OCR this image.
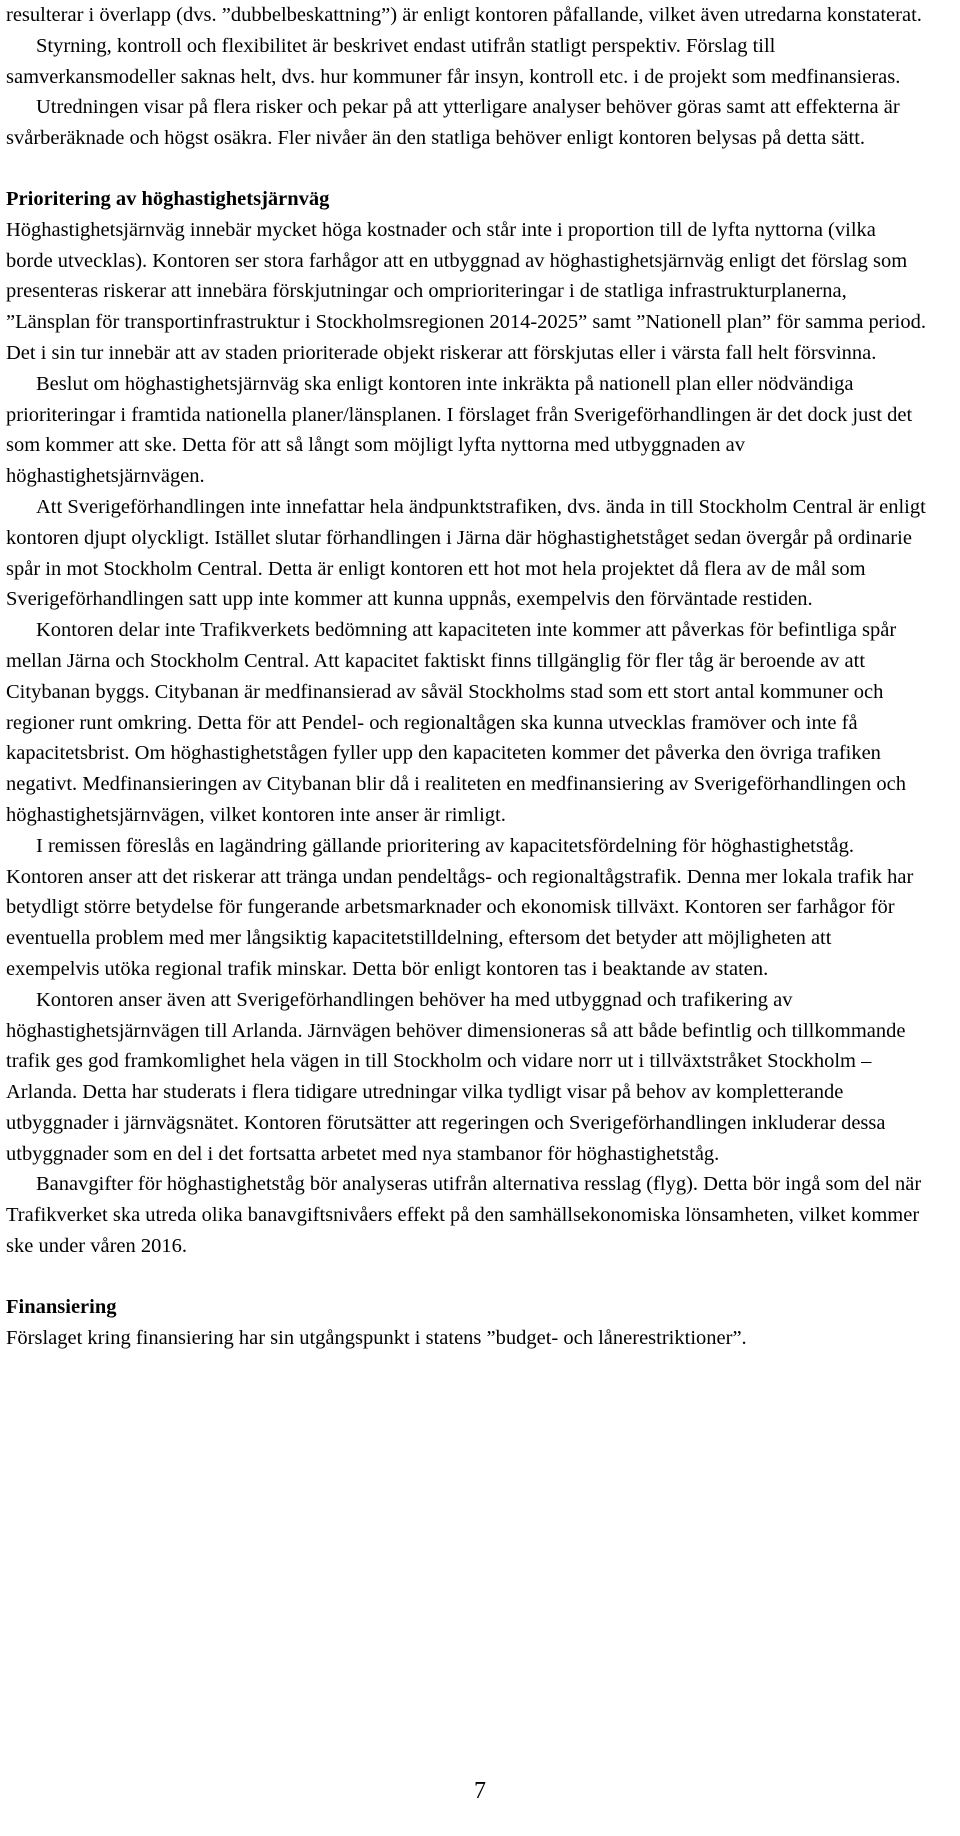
resulterar i överlapp (dvs. ”dubbelbeskattning”) är enligt kontoren påfallande, vilket även utredarna konstaterat.

Styrning, kontroll och flexibilitet är beskrivet endast utifrån statligt perspektiv. Förslag till samverkansmodeller saknas helt, dvs. hur kommuner får insyn, kontroll etc. i de projekt som medfinansieras.

Utredningen visar på flera risker och pekar på att ytterligare analyser behöver göras samt att effekterna är svårberäknade och högst osäkra. Fler nivåer än den statliga behöver enligt kontoren belysas på detta sätt.

Prioritering av höghastighetsjärnväg

Höghastighetsjärnväg innebär mycket höga kostnader och står inte i proportion till de lyfta nyttorna (vilka borde utvecklas). Kontoren ser stora farhågor att en utbyggnad av höghastighetsjärnväg enligt det förslag som presenteras riskerar att innebära förskjutningar och omprioriteringar i de statliga infrastrukturplanerna, ”Länsplan för transportinfrastruktur i Stockholmsregionen 2014-2025” samt ”Nationell plan” för samma period. Det i sin tur innebär att av staden prioriterade objekt riskerar att förskjutas eller i värsta fall helt försvinna.

Beslut om höghastighetsjärnväg ska enligt kontoren inte inkräkta på nationell plan eller nödvändiga prioriteringar i framtida nationella planer/länsplanen. I förslaget från Sverigeförhandlingen är det dock just det som kommer att ske. Detta för att så långt som möjligt lyfta nyttorna med utbyggnaden av höghastighetsjärnvägen.

Att Sverigeförhandlingen inte innefattar hela ändpunktstrafiken, dvs. ända in till Stockholm Central är enligt kontoren djupt olyckligt. Istället slutar förhandlingen i Järna där höghastighetståget sedan övergår på ordinarie spår in mot Stockholm Central. Detta är enligt kontoren ett hot mot hela projektet då flera av de mål som Sverigeförhandlingen satt upp inte kommer att kunna uppnås, exempelvis den förväntade restiden.

Kontoren delar inte Trafikverkets bedömning att kapaciteten inte kommer att påverkas för befintliga spår mellan Järna och Stockholm Central. Att kapacitet faktiskt finns tillgänglig för fler tåg är beroende av att Citybanan byggs. Citybanan är medfinansierad av såväl Stockholms stad som ett stort antal kommuner och regioner runt omkring. Detta för att Pendel- och regionaltågen ska kunna utvecklas framöver och inte få kapacitetsbrist. Om höghastighetstågen fyller upp den kapaciteten kommer det påverka den övriga trafiken negativt. Medfinansieringen av Citybanan blir då i realiteten en medfinansiering av Sverigeförhandlingen och höghastighetsjärnvägen, vilket kontoren inte anser är rimligt.

I remissen föreslås en lagändring gällande prioritering av kapacitetsfördelning för höghastighetståg. Kontoren anser att det riskerar att tränga undan pendeltågs- och regionaltågstrafik. Denna mer lokala trafik har betydligt större betydelse för fungerande arbetsmarknader och ekonomisk tillväxt. Kontoren ser farhågor för eventuella problem med mer långsiktig kapacitetstilldelning, eftersom det betyder att möjligheten att exempelvis utöka regional trafik minskar. Detta bör enligt kontoren tas i beaktande av staten.

Kontoren anser även att Sverigeförhandlingen behöver ha med utbyggnad och trafikering av höghastighetsjärnvägen till Arlanda. Järnvägen behöver dimensioneras så att både befintlig och tillkommande trafik ges god framkomlighet hela vägen in till Stockholm och vidare norr ut i tillväxtstråket Stockholm – Arlanda. Detta har studerats i flera tidigare utredningar vilka tydligt visar på behov av kompletterande utbyggnader i järnvägsnätet. Kontoren förutsätter att regeringen och Sverigeförhandlingen inkluderar dessa utbyggnader som en del i det fortsatta arbetet med nya stambanor för höghastighetståg.

Banavgifter för höghastighetståg bör analyseras utifrån alternativa resslag (flyg). Detta bör ingå som del när Trafikverket ska utreda olika banavgiftsnivåers effekt på den samhällsekonomiska lönsamheten, vilket kommer ske under våren 2016.

Finansiering

Förslaget kring finansiering har sin utgångspunkt i statens ”budget- och lånerestriktioner”.

7
